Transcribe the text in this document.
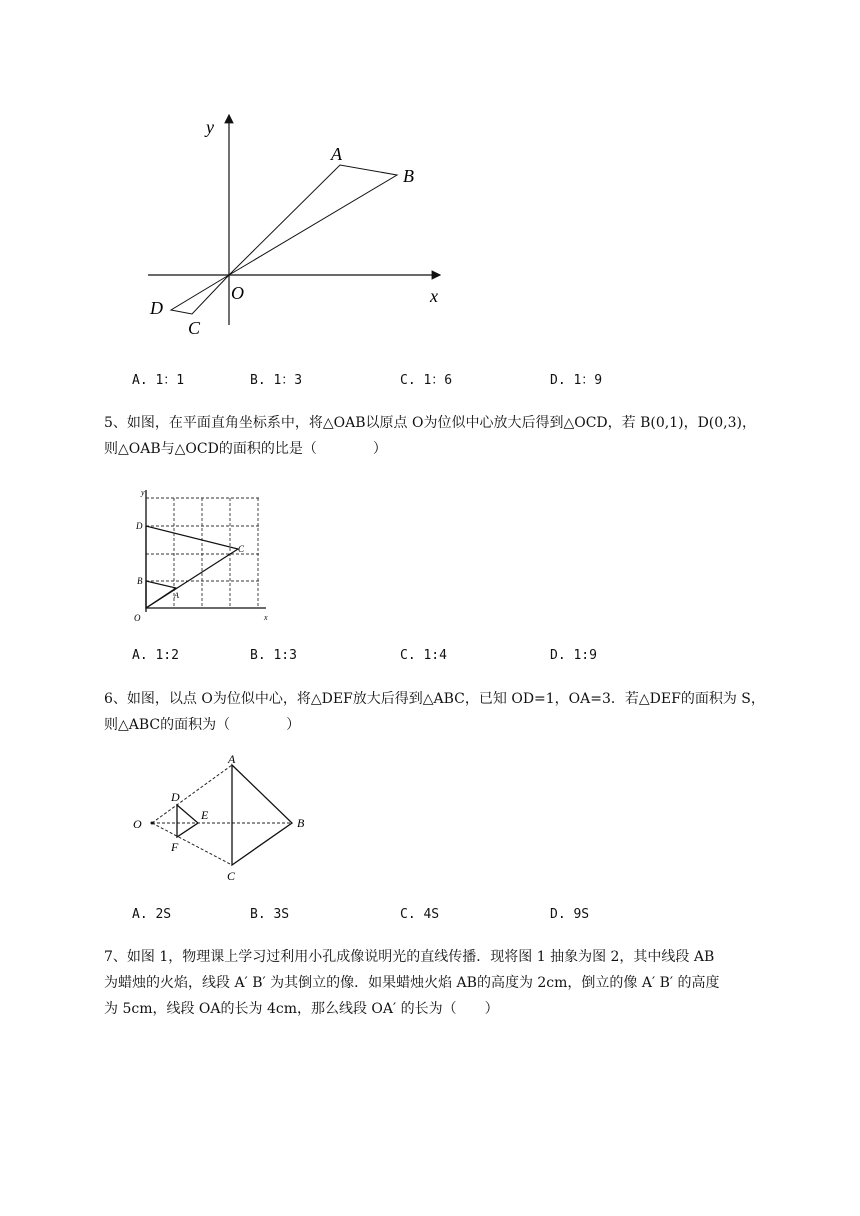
y
x
O
A
B
C
D
A. 1：1	B. 1：3	C. 1：6	D. 1：9
5、如图，在平面直角坐标系中，将△OAB以原点 O为位似中心放大后得到△OCD，若 B(0,1)，D(0,3)，
则△OAB与△OCD的面积的比是（　　　　）
y
x
O
D
B
C
A
A. 1:2	B. 1:3	C. 1:4	D. 1:9
6、如图，以点 O为位似中心，将△DEF放大后得到△ABC，已知 OD=1，OA=3．若△DEF的面积为 S，
则△ABC的面积为（　　　　）
O
A
B
C
D
E
F
A. 2S	B. 3S	C. 4S	D. 9S
7、如图 1，物理课上学习过利用小孔成像说明光的直线传播．现将图 1 抽象为图 2，其中线段 AB
为蜡烛的火焰，线段 A′ B′ 为其倒立的像．如果蜡烛火焰 AB的高度为 2cm，倒立的像 A′ B′ 的高度
为 5cm，线段 OA的长为 4cm，那么线段 OA′ 的长为（　　）
